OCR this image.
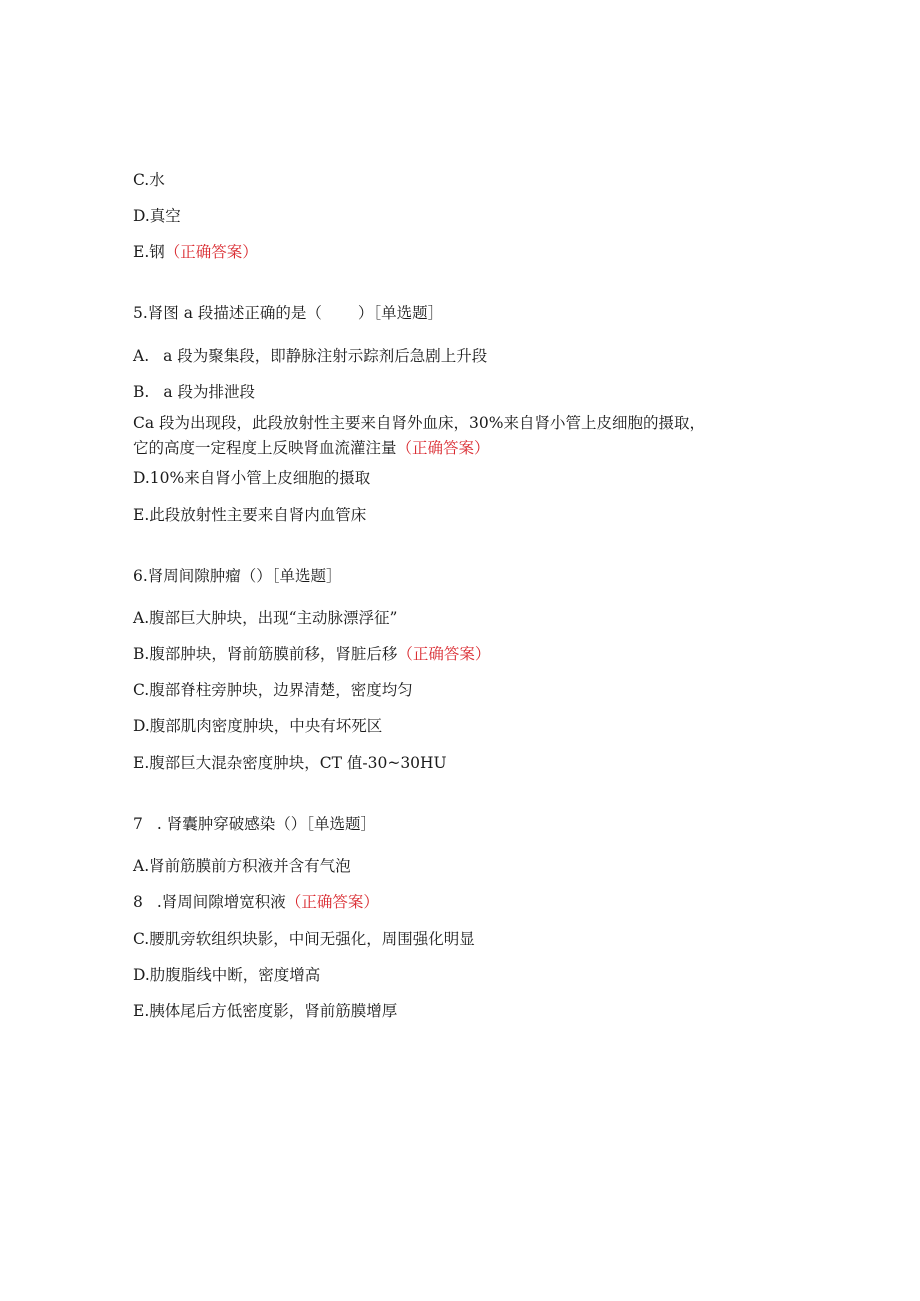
C.水
D.真空
E.钢（正确答案）
5.肾图 a 段描述正确的是（ ）［单选题］
A. a 段为聚集段，即静脉注射示踪剂后急剧上升段
B. a 段为排泄段
Ca 段为出现段，此段放射性主要来自肾外血床，30%来自肾小管上皮细胞的摄取，
它的高度一定程度上反映肾血流灌注量（正确答案）
D.10%来自肾小管上皮细胞的摄取
E.此段放射性主要来自肾内血管床
6.肾周间隙肿瘤（）［单选题］
A.腹部巨大肿块，出现“主动脉漂浮征”
B.腹部肿块，肾前筋膜前移，肾脏后移（正确答案）
C.腹部脊柱旁肿块，边界清楚，密度均匀
D.腹部肌肉密度肿块，中央有坏死区
E.腹部巨大混杂密度肿块，CT 值-30~30HU
7 . 肾囊肿穿破感染（）［单选题］
A.肾前筋膜前方积液并含有气泡
8 .肾周间隙增宽积液（正确答案）
C.腰肌旁软组织块影，中间无强化，周围强化明显
D.肋腹脂线中断，密度增高
E.胰体尾后方低密度影，肾前筋膜增厚
